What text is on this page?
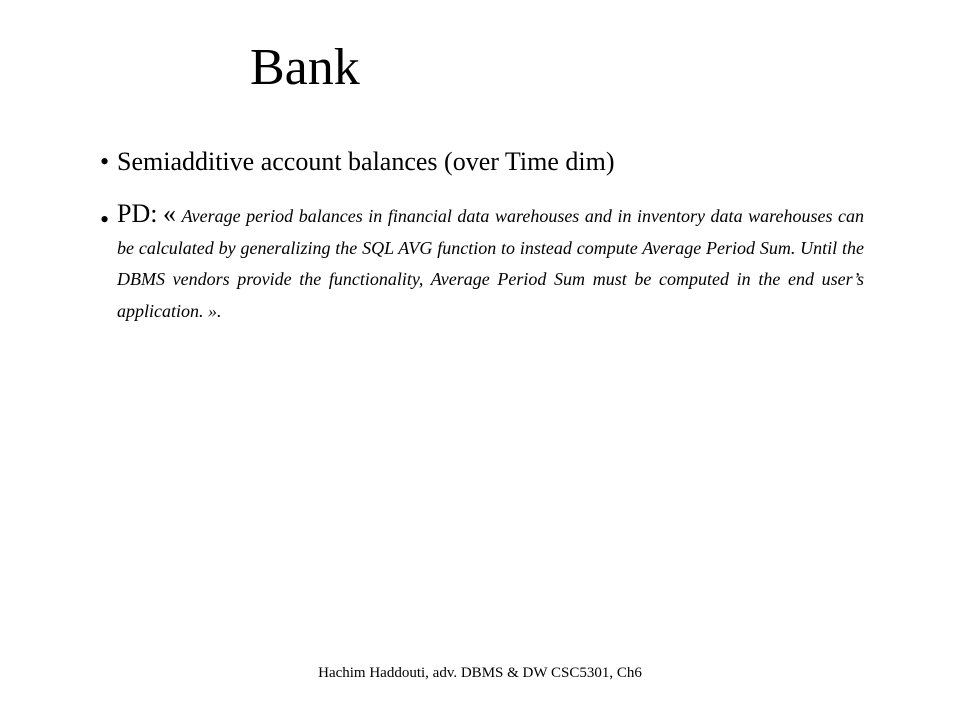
Bank
• Semiadditive account balances (over Time dim)
• PD: « Average period balances in financial data warehouses and in inventory data warehouses can be calculated by generalizing the SQL AVG function to instead compute Average Period Sum. Until the DBMS vendors provide the functionality, Average Period Sum must be computed in the end user’s application. ».
Hachim Haddouti, adv. DBMS & DW CSC5301, Ch6
